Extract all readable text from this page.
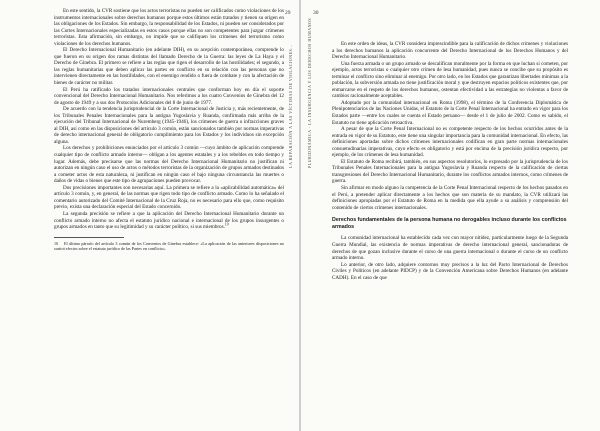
En este sentido, la CVR sostiene que los actos terroristas no pueden ser calificados como violaciones de los instrumentos internacionales sobre derechos humanos porque estos últimos están tratados y tienen su origen en las obligaciones de los Estados. Sin embargo, la responsabilidad de los Estados, ni pueden ser considerados por las Cortes Internacionales especializadas en estos casos porque ellas no son competentes para juzgar crímenes terroristas. Esta afirmación, sin embargo, no impide que se califiquen los crímenes del terrorismo como violaciones de los derechos humanos.

El Derecho Internacional Humanitario (en adelante DIH), en su acepción contemporánea, comprende lo que fueron en su origen dos ramas distintas del llamado Derecho de la Guerra: las leyes de La Haya y el Derecho de Ginebra. El primero se refiere a las reglas que rigen el desarrollo de las hostilidades; el segundo, a las reglas humanitarias que deben aplicar las partes en conflicto en su relación con las personas que no intervienen directamente en las hostilidades, con el enemigo rendido o fuera de combate y con la afectación de bienes de carácter no militar.

El Perú ha ratificado los tratados internacionales centrales que conforman hoy en día el soporte convencional del Derecho Internacional Humanitario. Nos referimos a los cuatro Convenios de Ginebra del 12 de agosto de 1949 y a sus dos Protocolos Adicionales del 8 de junio de 1977.

De acuerdo con la tendencia jurisprudencial de la Corte Internacional de Justicia y, más recientemente, de los Tribunales Penales Internacionales para la antigua Yugoslavia y Ruanda, confirmada más arriba de la ejecución del Tribunal Internacional de Nuremberg (1945-1946), los crímenes de guerra o infracciones graves al DIH, así como en las disposiciones del artículo 3 común, están sancionados también por normas imperativas de derecho internacional general de obligatorio cumplimiento para los Estados y los individuos sin excepción alguna.

Los derechos y prohibiciones enunciados por el artículo 3 común —cuyo ámbito de aplicación comprende cualquier tipo de conflicto armado interno— obligan a los agentes estatales y a los rebeldes en todo tiempo y lugar. Además, debe precisarse que las normas del Derecho Internacional Humanitario no justifican ni autorizan en ningún caso el uso de actos o métodos terroristas de la organización de grupos armados destinados a cometer actos de esta naturaleza, ni justifican en ningún caso el bajo ninguna circunstancia las muertes o daños de vidas o bienes que este tipo de agrupaciones pueden provocar.

Dos precisiones importantes son necesarias aquí. La primera se refiere a la «aplicabilidad automática» del artículo 3 común, y, en general, de las normas que rigen todo tipo de conflicto armado. Como lo ha señalado el comentario autorizado del Comité Internacional de la Cruz Roja, no es necesario para ello que, como requisito previo, exista una declaración especial del Estado concernido.

La segunda precisión se refiere a que la aplicación del Derecho Internacional Humanitario durante un conflicto armado interno no afecta el estatuto jurídico nacional e internacional de los grupos insurgentes o grupos armados en tanto que su legitimidad y su carácter político, si sus miembros.$^{10}$

10 El último párrafo del artículo 3 común de los Convenios de Ginebra establece: «La aplicación de las anteriores disposiciones no surtirá efectos sobre el estatuto jurídico de las Partes en conflicto».

29
LA REPARACIÓN A LAS VÍCTIMAS DE VIOLACIONES...
30
PLURIDINÁMICA · LA INSURGENCIA Y LOS DERECHOS HUMANOS	En este orden de ideas, la CVR considera imprescindible para la calificación de dichos crímenes y violaciones a los derechos humanos la aplicación concurrente del Derecho Internacional de los Derechos Humanos y del Derecho Internacional Humanitario.

Una fuerza armada o un grupo armado se descalifican moralmente por la forma en que luchan si cometen, por ejemplo, actos terroristas o cualquier otro crimen de lesa humanidad, pues nunca se concibe que su propósito es terminar el conflicto sino eliminar al enemigo. Por otro lado, en los Estados que garantizan libertades mínimas a la población, la subversión armada no tiene justificación moral y que destruyen espacios políticos existentes que, por enmarcarse en el respeto de los derechos humanos, ostentan efectividad a las estrategias no violentas a favor de cambios racionalmente aceptables.

Adoptado por la comunidad internacional en Roma (1998), el término de la Conferencia Diplomática de Plenipotenciarios de las Naciones Unidas, el Estatuto de la Corte Penal Internacional ha entrado en vigor para los Estados parte —entre los cuales se cuenta el Estado peruano— desde el 1 de julio de 2002. Como es sabido, el Estatuto no tiene aplicación retroactiva.

A pesar de que la Corte Penal Internacional no es competente respecto de los hechos ocurridos antes de la entrada en vigor de su Estatuto, este tiene una singular importancia para la comunidad internacional. En efecto, las definiciones aportadas sobre dichos crímenes internacionales codifican en gran parte normas internacionales consuetudinarias imperativas, cuyo efecto es obligatorio y está por encima de la precisión jurídica respecto, por ejemplo, de los crímenes de lesa humanidad.

El Estatuto de Roma recibirá, también, en sus aspectos resolutorios, lo expresado por la jurisprudencia de los Tribunales Penales Internacionales para la antigua Yugoslavia y Ruanda respecto de la calificación de ciertas transgresiones del Derecho Internacional Humanitario, durante los conflictos armados internos, como crímenes de guerra.

Sin afirmar en modo alguno la competencia de la Corte Penal Internacional respecto de los hechos pasados en el Perú, a pretender aplicar directamente a los hechos que son materia de su mandato, la CVR utilizará las definiciones apropiadas por el Estatuto de Roma en la medida que ella ayude a su análisis y comprensión del contenido de ciertos crímenes internacionales.

Derechos fundamentales de la persona humana no derogables incluso durante los conflictos armados

La comunidad internacional ha establecido cada vez con mayor nitidez, particularmente luego de la Segunda Guerra Mundial, las existencia de normas imperativas de derecho internacional general, sancionadoras de derechos de que gozan inclusive durante el curso de una guerra internacional o durante el curso de un conflicto armado interno.

Lo anterior, de otro lado, adquiere contornos muy precisos a la luz del Pacto Internacional de Derechos Civiles y Políticos (en adelante PIDCP) y de la Convención Americana sobre Derechos Humanos (en adelante CADH). En el caso de que
